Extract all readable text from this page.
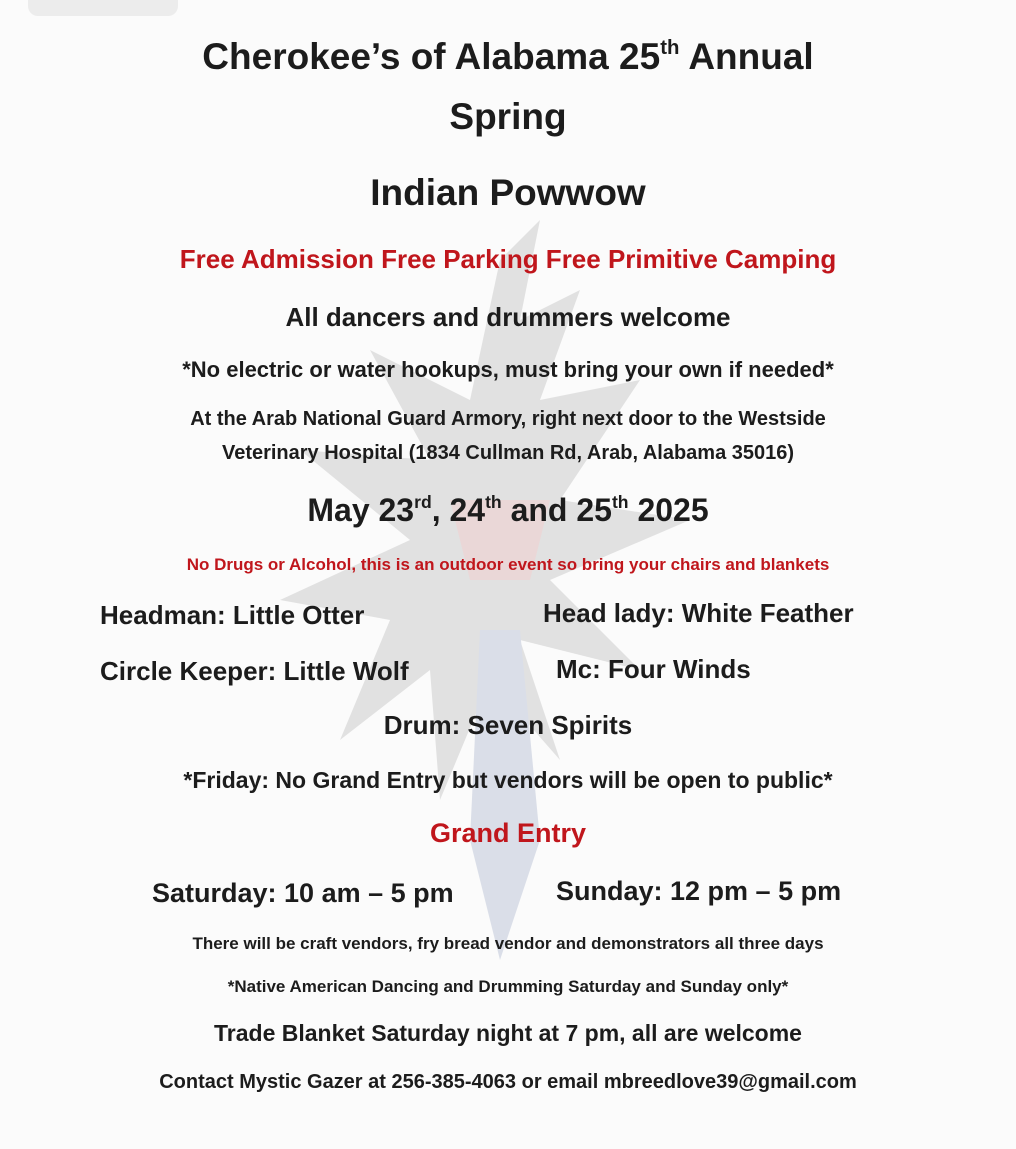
Cherokee’s of Alabama 25th Annual
Spring
Indian Powwow
Free Admission Free Parking Free Primitive Camping
All dancers and drummers welcome
*No electric or water hookups, must bring your own if needed*
At the Arab National Guard Armory, right next door to the Westside
Veterinary Hospital (1834 Cullman Rd, Arab, Alabama 35016)
May 23rd, 24th and 25th 2025
No Drugs or Alcohol, this is an outdoor event so bring your chairs and blankets
Headman: Little Otter	Head lady: White Feather
Circle Keeper: Little Wolf	Mc: Four Winds
Drum: Seven Spirits
*Friday: No Grand Entry but vendors will be open to public*
Grand Entry
Saturday: 10 am – 5 pm	Sunday: 12 pm – 5 pm
There will be craft vendors, fry bread vendor and demonstrators all three days
*Native American Dancing and Drumming Saturday and Sunday only*
Trade Blanket Saturday night at 7 pm, all are welcome
Contact Mystic Gazer at 256-385-4063 or email mbreedlove39@gmail.com
